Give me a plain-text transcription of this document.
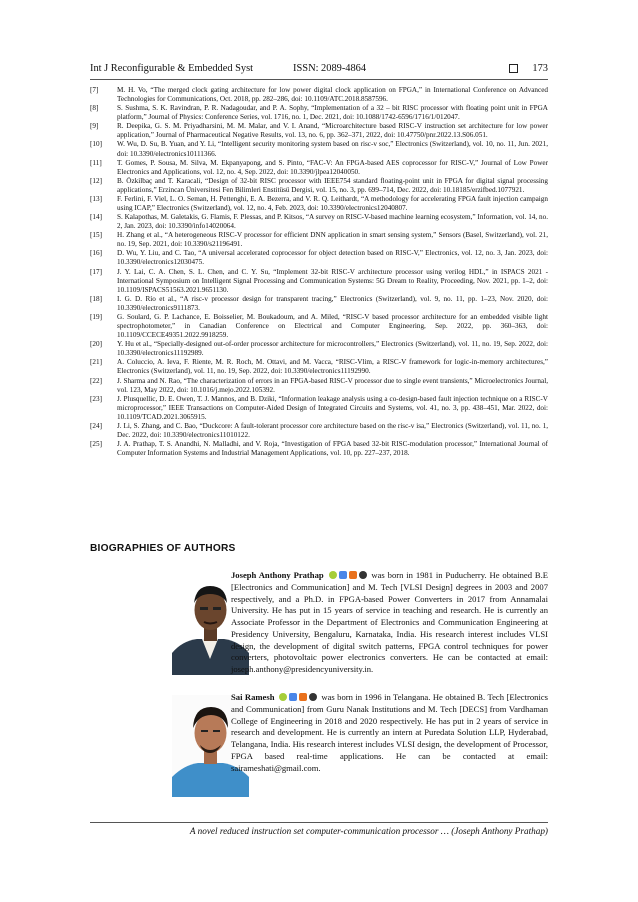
Int J Reconfigurable & Embedded Syst	ISSN: 2089-4864	173
[7]	M. H. Vo, “The merged clock gating architecture for low power digital clock application on FPGA,” in International Conference on Advanced Technologies for Communications, Oct. 2018, pp. 282–286, doi: 10.1109/ATC.2018.8587596.
[8]	S. Sushma, S. K. Ravindran, P. R. Nadagoudar, and P. A. Sophy, “Implementation of a 32 – bit RISC processor with floating point unit in FPGA platform,” Journal of Physics: Conference Series, vol. 1716, no. 1, Dec. 2021, doi: 10.1088/1742-6596/1716/1/012047.
[9]	R. Deepika, G. S. M. Priyadharsini, M. M. Malar, and V. I. Anand, “Microarchitecture based RISC-V instruction set architecture for low power application,” Journal of Pharmaceutical Negative Results, vol. 13, no. 6, pp. 362–371, 2022, doi: 10.47750/pnr.2022.13.S06.051.
[10]	W. Wu, D. Su, B. Yuan, and Y. Li, “Intelligent security monitoring system based on risc-v soc,” Electronics (Switzerland), vol. 10, no. 11, Jun. 2021, doi: 10.3390/electronics10111366.
[11]	T. Gomes, P. Sousa, M. Silva, M. Ekpanyapong, and S. Pinto, “FAC-V: An FPGA-based AES coprocessor for RISC-V,” Journal of Low Power Electronics and Applications, vol. 12, no. 4, Sep. 2022, doi: 10.3390/jlpea12040050.
[12]	B. Özkilbaç and T. Karacali, “Design of 32-bit RISC processor with IEEE754 standard floating-point unit in FPGA for digital signal processing applications,” Erzincan Üniversitesi Fen Bilimleri Enstitüsü Dergisi, vol. 15, no. 3, pp. 699–714, Dec. 2022, doi: 10.18185/erzifbed.1077921.
[13]	F. Ferlini, F. Viel, L. O. Seman, H. Pettenghi, E. A. Bezerra, and V. R. Q. Leithardt, “A methodology for accelerating FPGA fault injection campaign using ICAP,” Electronics (Switzerland), vol. 12, no. 4, Feb. 2023, doi: 10.3390/electronics12040807.
[14]	S. Kalapothas, M. Galetakis, G. Flamis, F. Plessas, and P. Kitsos, “A survey on RISC-V-based machine learning ecosystem,” Information, vol. 14, no. 2, Jan. 2023, doi: 10.3390/info14020064.
[15]	H. Zhang et al., “A heterogeneous RISC-V processor for efficient DNN application in smart sensing system,” Sensors (Basel, Switzerland), vol. 21, no. 19, Sep. 2021, doi: 10.3390/s21196491.
[16]	D. Wu, Y. Liu, and C. Tao, “A universal accelerated coprocessor for object detection based on RISC-V,” Electronics, vol. 12, no. 3, Jan. 2023, doi: 10.3390/electronics12030475.
[17]	J. Y. Lai, C. A. Chen, S. L. Chen, and C. Y. Su, “Implement 32-bit RISC-V architecture processor using verilog HDL,” in ISPACS 2021 - International Symposium on Intelligent Signal Processing and Communication Systems: 5G Dream to Reality, Proceeding, Nov. 2021, pp. 1–2, doi: 10.1109/ISPACS51563.2021.9651130.
[18]	I. G. D. Río et al., “A risc-v processor design for transparent tracing,” Electronics (Switzerland), vol. 9, no. 11, pp. 1–23, Nov. 2020, doi: 10.3390/electronics9111873.
[19]	G. Soulard, G. P. Lachance, E. Boisselier, M. Boukadoum, and A. Miled, “RISC-V based processor architecture for an embedded visible light spectrophotometer,” in Canadian Conference on Electrical and Computer Engineering, Sep. 2022, pp. 360–363, doi: 10.1109/CCECE49351.2022.9918259.
[20]	Y. Hu et al., “Specially-designed out-of-order processor architecture for microcontrollers,” Electronics (Switzerland), vol. 11, no. 19, Sep. 2022, doi: 10.3390/electronics11192989.
[21]	A. Coluccio, A. Ieva, F. Riente, M. R. Roch, M. Ottavi, and M. Vacca, “RISC-Vlim, a RISC-V framework for logic-in-memory architectures,” Electronics (Switzerland), vol. 11, no. 19, Sep. 2022, doi: 10.3390/electronics11192990.
[22]	J. Sharma and N. Rao, “The characterization of errors in an FPGA-based RISC-V processor due to single event transients,” Microelectronics Journal, vol. 123, May 2022, doi: 10.1016/j.mejo.2022.105392.
[23]	J. Plusquellic, D. E. Owen, T. J. Mannos, and B. Dziki, “Information leakage analysis using a co-design-based fault injection technique on a RISC-V microprocessor,” IEEE Transactions on Computer-Aided Design of Integrated Circuits and Systems, vol. 41, no. 3, pp. 438–451, Mar. 2022, doi: 10.1109/TCAD.2021.3065915.
[24]	J. Li, S. Zhang, and C. Bao, “Duckcore: A fault-tolerant processor core architecture based on the risc-v isa,” Electronics (Switzerland), vol. 11, no. 1, Dec. 2022, doi: 10.3390/electronics11010122.
[25]	J. A. Prathap, T. S. Anandhi, N. Malladhi, and V. Roja, “Investigation of FPGA based 32-bit RISC-modulation processor,” International Journal of Computer Information Systems and Industrial Management Applications, vol. 10, pp. 227–237, 2018.
BIOGRAPHIES OF AUTHORS
Joseph Anthony Prathap	was born in 1981 in Puducherry. He obtained B.E [Electronics and Communication] and M. Tech [VLSI Design] degrees in 2003 and 2007 respectively, and a Ph.D. in FPGA-based Power Converters in 2017 from Annamalai University. He has put in 15 years of service in teaching and research. He is currently an Associate Professor in the Department of Electronics and Communication Engineering at Presidency University, Bengaluru, Karnataka, India. His research interest includes VLSI design, the development of digital switch patterns, FPGA control techniques for power converters, photovoltaic power electronics converters. He can be contacted at email: joseph.anthony@presidencyuniversity.in.
Sai Ramesh	was born in 1996 in Telangana. He obtained B. Tech [Electronics and Communication] from Guru Nanak Institutions and M. Tech [DECS] from Vardhaman College of Engineering in 2018 and 2020 respectively. He has put in 2 years of service in research and development. He is currently an intern at Puredata Solution LLP, Hyderabad, Telangana, India. His research interest includes VLSI design, the development of Processor, FPGA based real-time applications. He can be contacted at email: sairameshati@gmail.com.
A novel reduced instruction set computer-communication processor … (Joseph Anthony Prathap)
